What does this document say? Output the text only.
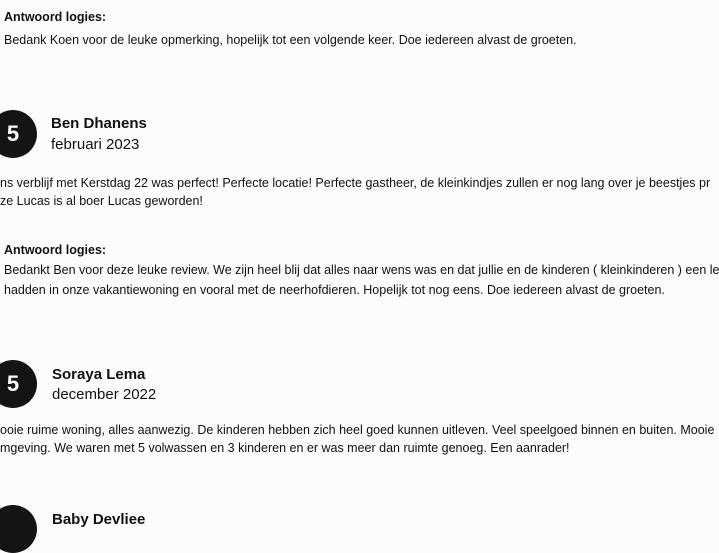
Antwoord logies:
Bedank Koen voor de leuke opmerking, hopelijk tot een volgende keer. Doe iedereen alvast de groeten.
5 Ben Dhanens
februari 2023
ns verblijf met Kerstdag 22 was perfect! Perfecte locatie! Perfecte gastheer, de kleinkindjes zullen er nog lang over je beestjes pr
ze Lucas is al boer Lucas geworden!
Antwoord logies:
Bedankt Ben voor deze leuke review. We zijn heel blij dat alles naar wens was en dat jullie en de kinderen ( kleinkinderen ) een le
hadden in onze vakantiewoning en vooral met de neerhofdieren. Hopelijk tot nog eens. Doe iedereen alvast de groeten.
5 Soraya Lema
december 2022
ooie ruime woning, alles aanwezig. De kinderen hebben zich heel goed kunnen uitleven. Veel speelgoed binnen en buiten. Mooie
mgeving. We waren met 5 volwassen en 3 kinderen en er was meer dan ruimte genoeg. Een aanrader!
Baby Devliee
